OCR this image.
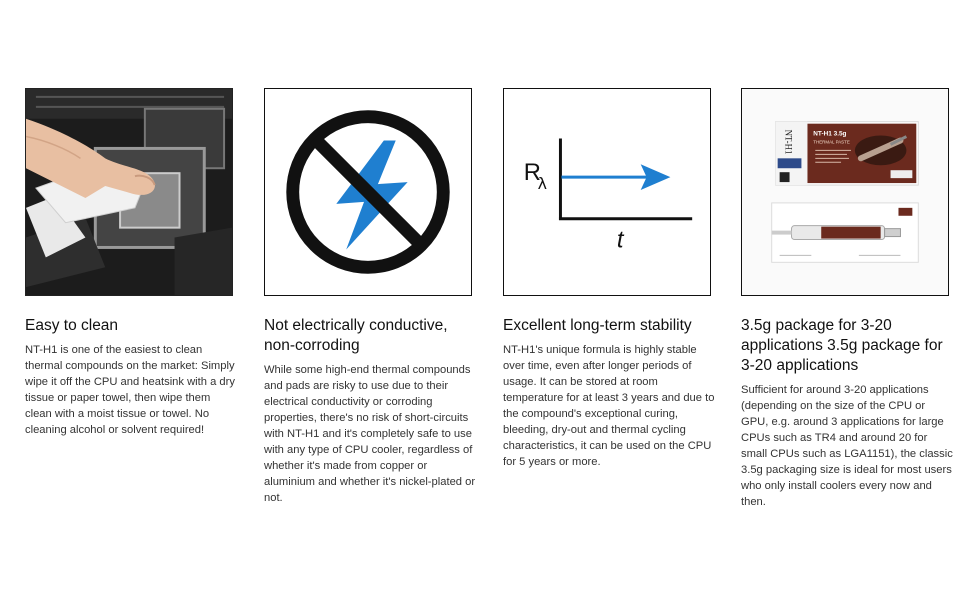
Easy to clean
NT-H1 is one of the easiest to clean thermal compounds on the market: Simply wipe it off the CPU and heatsink with a dry tissue or paper towel, then wipe them clean with a moist tissue or towel. No cleaning alcohol or solvent required!
Not electrically conductive, non-corroding
While some high-end thermal compounds and pads are risky to use due to their electrical conductivity or corroding properties, there's no risk of short-circuits with NT-H1 and it's completely safe to use with any type of CPU cooler, regardless of whether it's made from copper or aluminium and whether it's nickel-plated or not.
R
λ
t
Excellent long-term stability
NT-H1's unique formula is highly stable over time, even after longer periods of usage. It can be stored at room temperature for at least 3 years and due to the compound's exceptional curing, bleeding, dry-out and thermal cycling characteristics, it can be used on the CPU for 5 years or more.
NT-H1	NT-H1 3.5g
THERMAL PASTE
3.5g package for 3-20 applications 3.5g package for 3-20 applications
Sufficient for around 3-20 applications (depending on the size of the CPU or GPU, e.g. around 3 applications for large CPUs such as TR4 and around 20 for small CPUs such as LGA1151), the classic 3.5g packaging size is ideal for most users who only install coolers every now and then.
